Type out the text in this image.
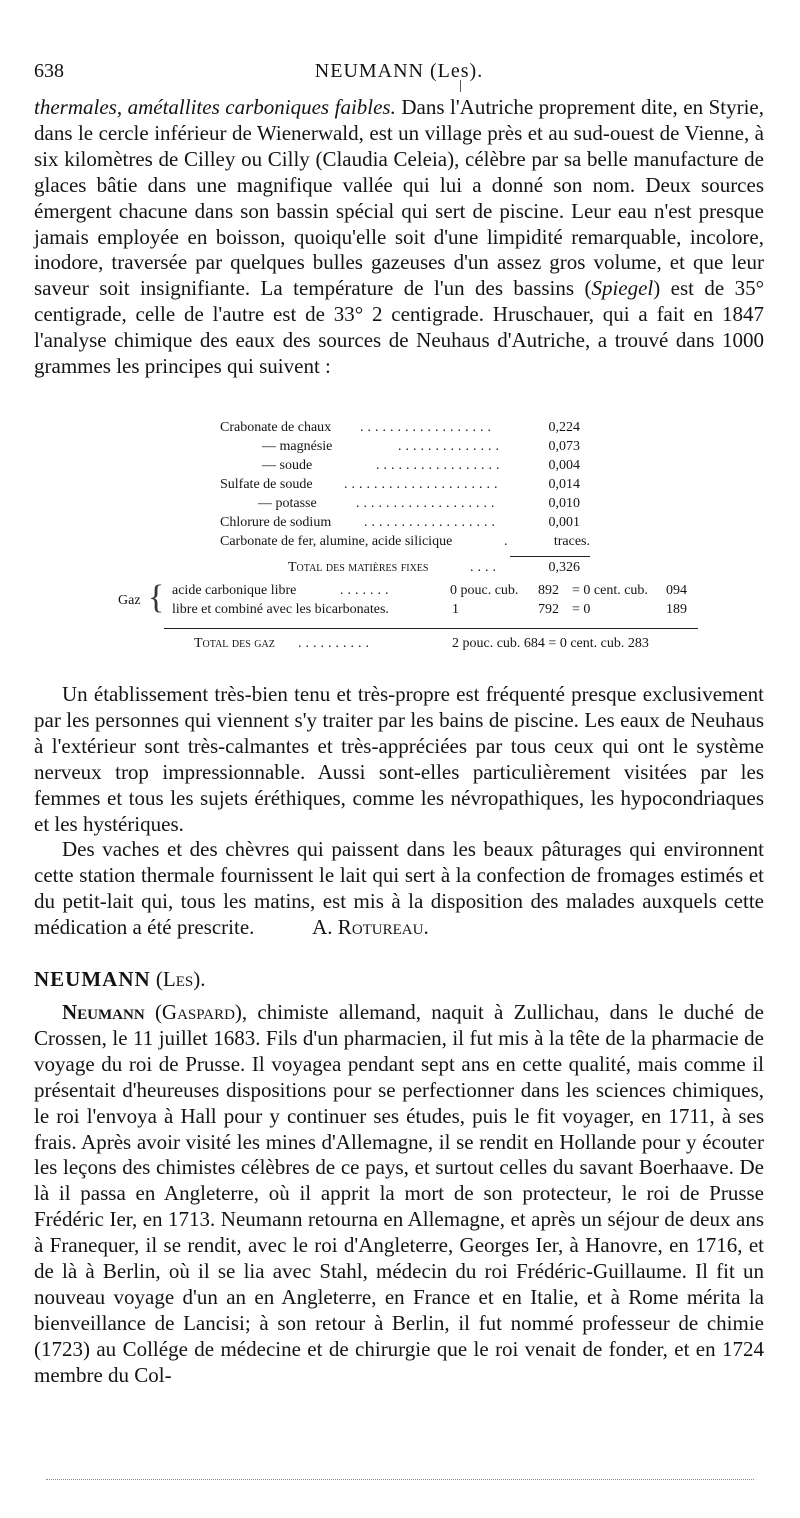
638	NEUMANN (Les).

thermales, amétallites carboniques faibles. Dans l'Autriche proprement dite, en Styrie, dans le cercle inférieur de Wienerwald, est un village près et au sud-ouest de Vienne, à six kilomètres de Cilley ou Cilly (Claudia Celeia), célèbre par sa belle manufacture de glaces bâtie dans une magnifique vallée qui lui a donné son nom. Deux sources émergent chacune dans son bassin spécial qui sert de piscine. Leur eau n'est presque jamais employée en boisson, quoiqu'elle soit d'une limpidité remarquable, incolore, inodore, traversée par quelques bulles gazeuses d'un assez gros volume, et que leur saveur soit insignifiante. La température de l'un des bassins (Spiegel) est de 35° centigrade, celle de l'autre est de 33° 2 centigrade. Hruschauer, qui a fait en 1847 l'analyse chimique des eaux des sources de Neuhaus d'Autriche, a trouvé dans 1000 grammes les principes qui suivent :

Crabonate de chaux ..................	0,224
— magnésie	..............	0,073
— soude	.................	0,004
Sulfate de soude .....................	0,014
— potasse	...................	0,010
Chlorure de sodium ..................	0,001
Carbonate de fer, alumine, acide silicique	.	traces.
Total des matières fixes	....	0,326
Gaz { acide carbonique libre	.......	0 pouc. cub. 892 = 0 cent. cub. 094
libre et combiné avec les bicarbonates.	1	792 = 0	189
Total des gaz ..........	2 pouc. cub. 684 = 0 cent. cub. 283

Un établissement très-bien tenu et très-propre est fréquenté presque exclusivement par les personnes qui viennent s'y traiter par les bains de piscine. Les eaux de Neuhaus à l'extérieur sont très-calmantes et très-appréciées par tous ceux qui ont le système nerveux trop impressionnable. Aussi sont-elles particulièrement visitées par les femmes et tous les sujets éréthiques, comme les névropathiques, les hypocondriaques et les hystériques.

Des vaches et des chèvres qui paissent dans les beaux pâturages qui environnent cette station thermale fournissent le lait qui sert à la confection de fromages estimés et du petit-lait qui, tous les matins, est mis à la disposition des malades auxquels cette médication a été prescrite.	A. Rotureau.

NEUMANN (Les).

Neumann (Gaspard), chimiste allemand, naquit à Zullichau, dans le duché de Crossen, le 11 juillet 1683. Fils d'un pharmacien, il fut mis à la tête de la pharmacie de voyage du roi de Prusse. Il voyagea pendant sept ans en cette qualité, mais comme il présentait d'heureuses dispositions pour se perfectionner dans les sciences chimiques, le roi l'envoya à Hall pour y continuer ses études, puis le fit voyager, en 1711, à ses frais. Après avoir visité les mines d'Allemagne, il se rendit en Hollande pour y écouter les leçons des chimistes célèbres de ce pays, et surtout celles du savant Boerhaave. De là il passa en Angleterre, où il apprit la mort de son protecteur, le roi de Prusse Frédéric Ier, en 1713. Neumann retourna en Allemagne, et après un séjour de deux ans à Franequer, il se rendit, avec le roi d'Angleterre, Georges Ier, à Hanovre, en 1716, et de là à Berlin, où il se lia avec Stahl, médecin du roi Frédéric-Guillaume. Il fit un nouveau voyage d'un an en Angleterre, en France et en Italie, et à Rome mérita la bienveillance de Lancisi; à son retour à Berlin, il fut nommé professeur de chimie (1723) au Collége de médecine et de chirurgie que le roi venait de fonder, et en 1724 membre du Col-
